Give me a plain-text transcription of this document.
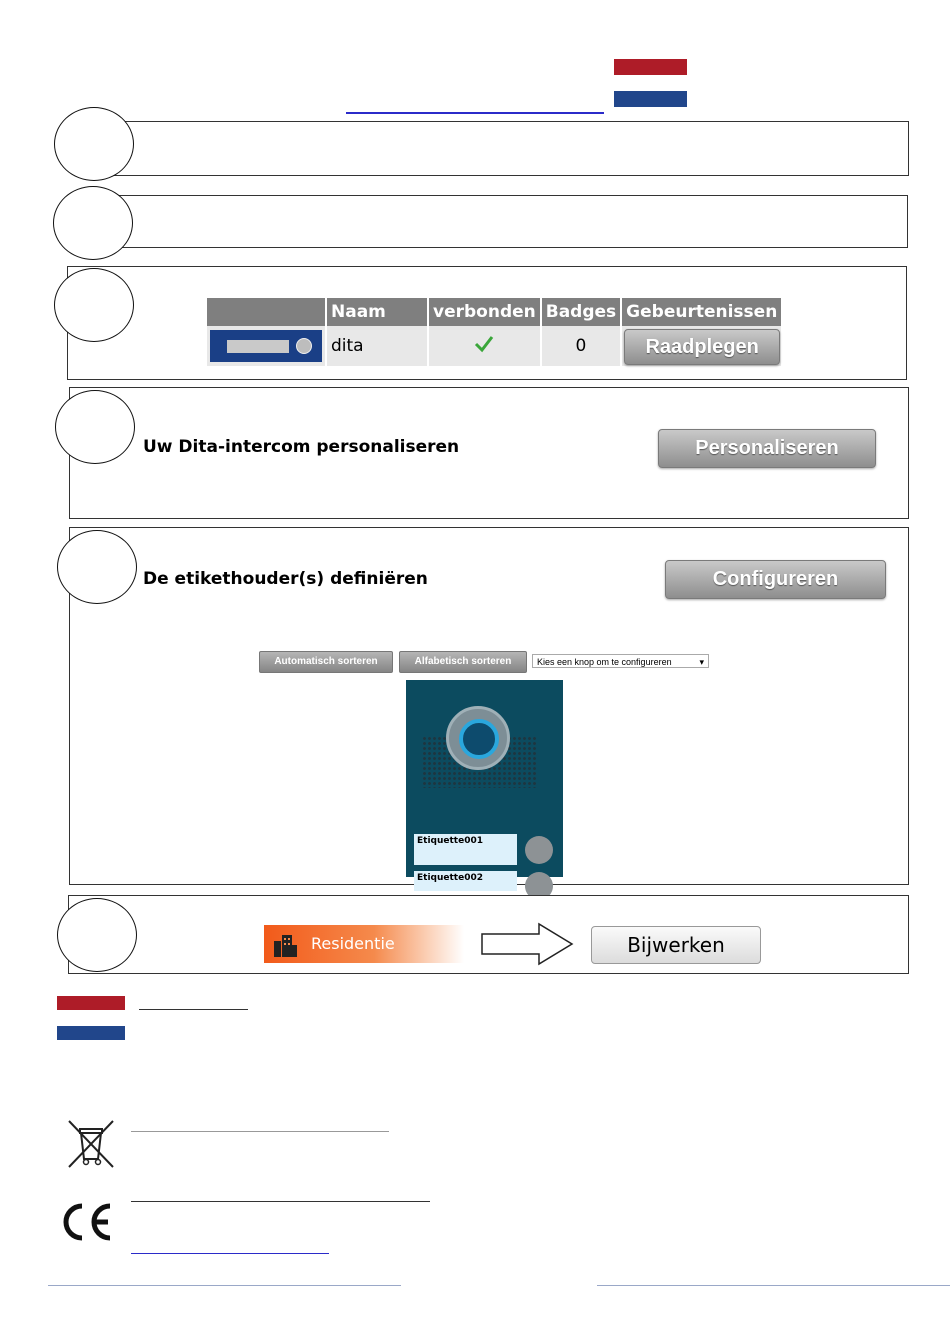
	Naam	verbonden	Badges	Gebeurtenissen

	dita		0	Raadplegen
Uw Dita-intercom personaliseren	Personaliseren
De etikethouder(s) definiëren	Configureren
Automatisch sorteren	Alfabetisch sorteren	Kies een knop om te configureren	▾
Etiquette001
Etiquette002
Residentie	Bijwerken
